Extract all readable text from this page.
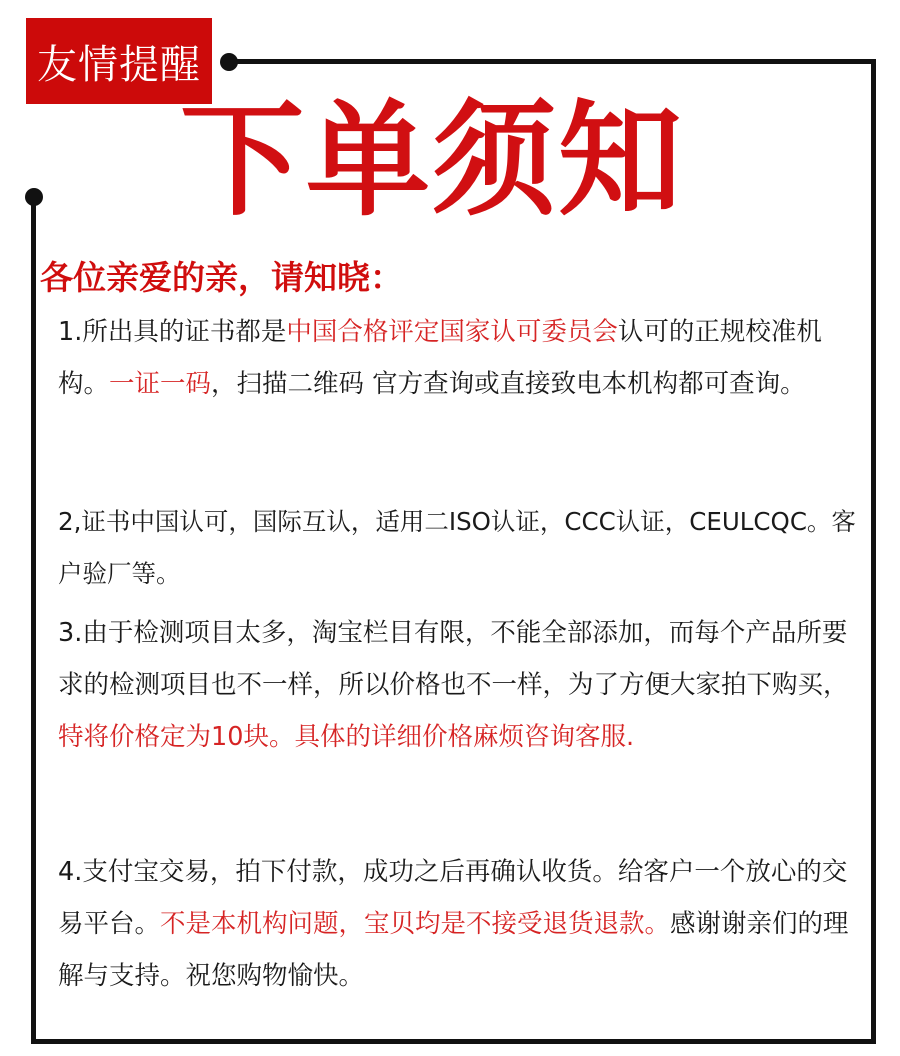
友情提醒
下单须知
各位亲爱的亲，请知晓：
1.所出具的证书都是中国合格评定国家认可委员会认可的正规校准机构。一证一码，扫描二维码 官方查询或直接致电本机构都可查询。
2,证书中国认可，国际互认，适用二ISO认证，CCC认证，CEULCQC。客户验厂等。
3.由于检测项目太多，淘宝栏目有限，不能全部添加，而每个产品所要求的检测项目也不一样，所以价格也不一样，为了方便大家拍下购买，特将价格定为10块。具体的详细价格麻烦咨询客服.
4.支付宝交易，拍下付款，成功之后再确认收货。给客户一个放心的交易平台。不是本机构问题，宝贝均是不接受退货退款。感谢谢亲们的理解与支持。祝您购物愉快。
